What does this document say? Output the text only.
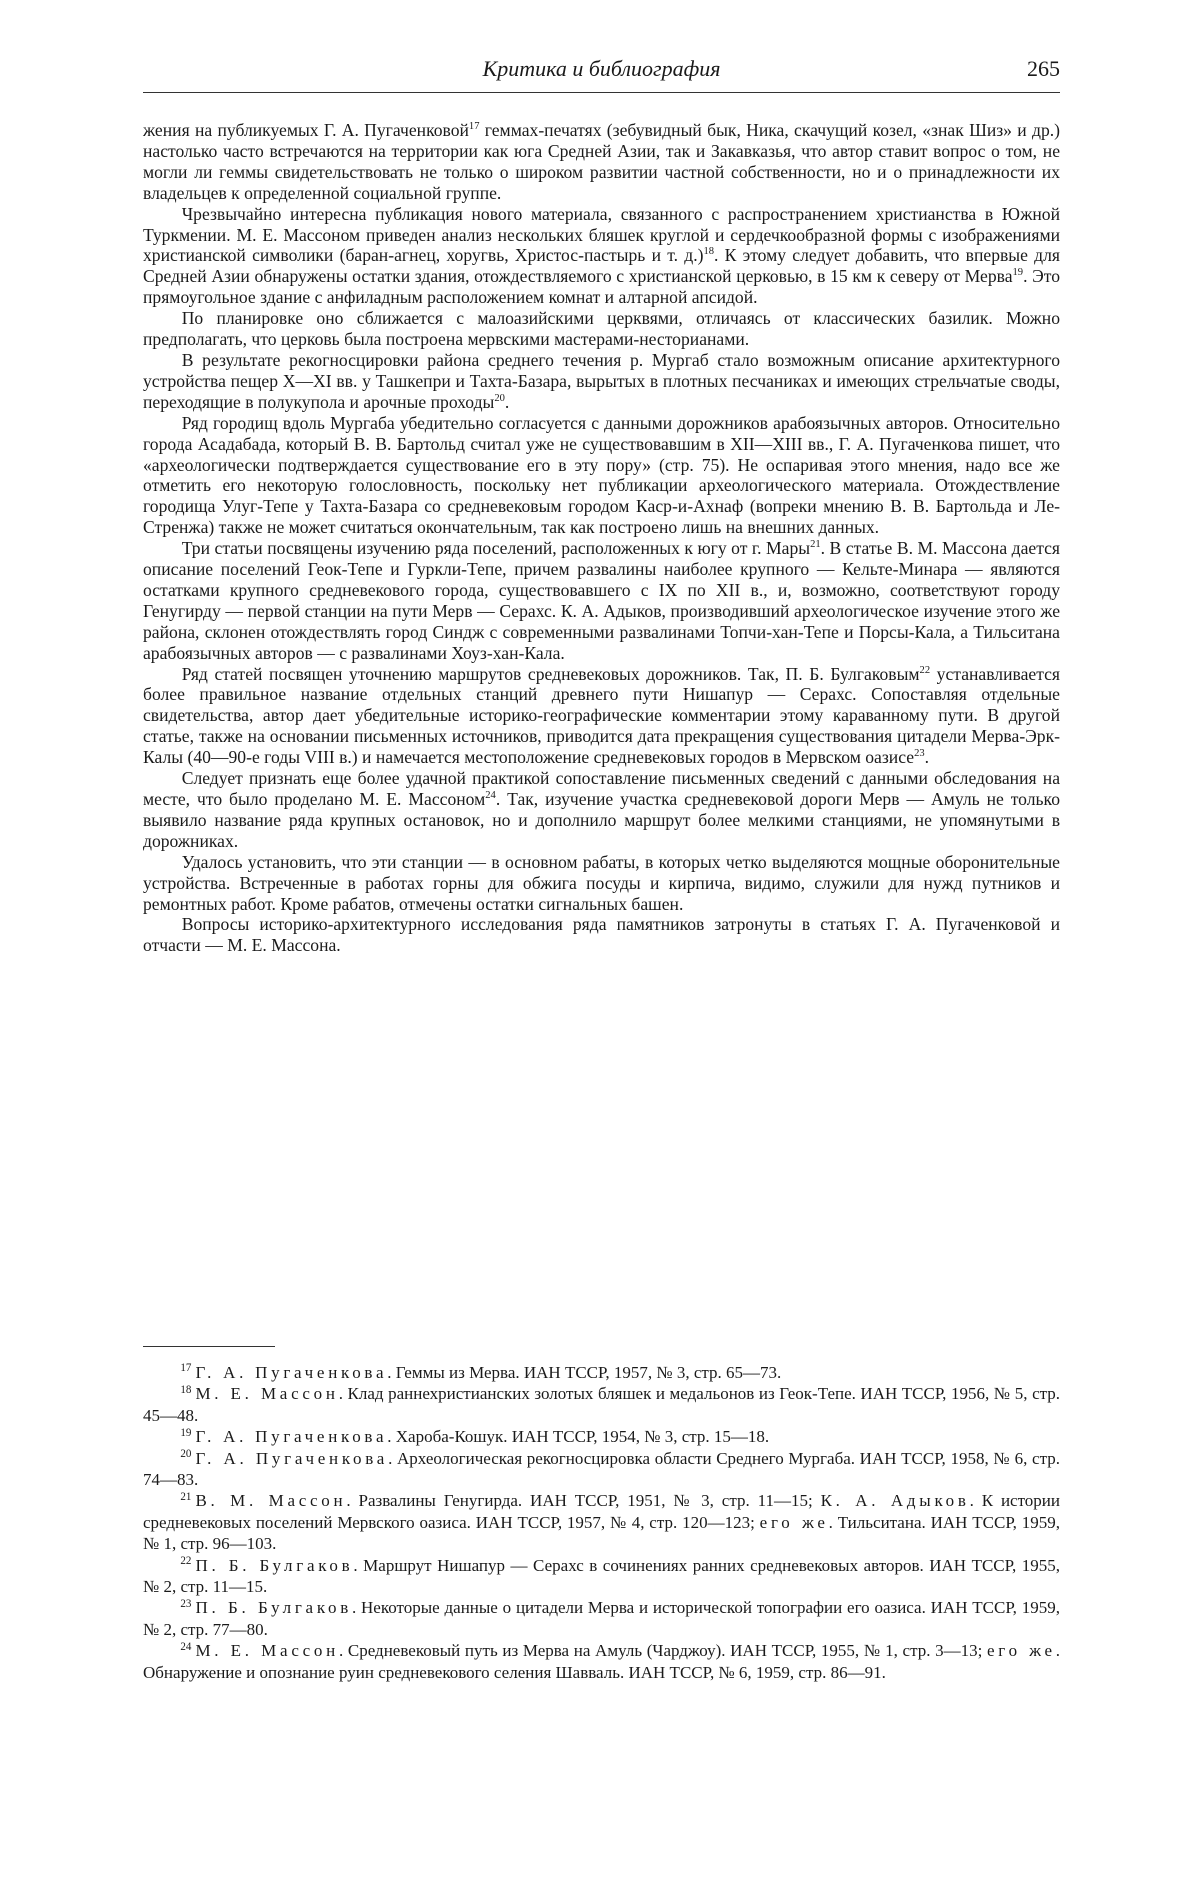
Критика и библиография	265

жения на публикуемых Г. А. Пугаченковой$^{17}$ геммах-печатях (зебувидный бык, Ника, скачущий козел, «знак Шиз» и др.) настолько часто встречаются на территории как юга Средней Азии, так и Закавказья, что автор ставит вопрос о том, не могли ли геммы свидетельствовать не только о широком развитии частной собственности, но и о принадлежности их владельцев к определенной социальной группе.

Чрезвычайно интересна публикация нового материала, связанного с распространением христианства в Южной Туркмении. М. Е. Массоном приведен анализ нескольких бляшек круглой и сердечкообразной формы с изображениями христианской символики (баран-агнец, хоругвь, Христос-пастырь и т. д.)$^{18}$. К этому следует добавить, что впервые для Средней Азии обнаружены остатки здания, отождествляемого с христианской церковью, в 15 км к северу от Мерва$^{19}$. Это прямоугольное здание с анфиладным расположением комнат и алтарной апсидой.

По планировке оно сближается с малоазийскими церквями, отличаясь от классических базилик. Можно предполагать, что церковь была построена мервскими мастерами-несторианами.

В результате рекогносцировки района среднего течения р. Мургаб стало возможным описание архитектурного устройства пещер X—XI вв. у Ташкепри и Тахта-Базара, вырытых в плотных песчаниках и имеющих стрельчатые своды, переходящие в полукупола и арочные проходы$^{20}$.

Ряд городищ вдоль Мургаба убедительно согласуется с данными дорожников арабоязычных авторов. Относительно города Асадабада, который В. В. Бартольд считал уже не существовавшим в XII—XIII вв., Г. А. Пугаченкова пишет, что «археологически подтверждается существование его в эту пору» (стр. 75). Не оспаривая этого мнения, надо все же отметить его некоторую голословность, поскольку нет публикации археологического материала. Отождествление городища Улуг-Тепе у Тахта-Базара со средневековым городом Каср-и-Ахнаф (вопреки мнению В. В. Бартольда и Ле-Стренжа) также не может считаться окончательным, так как построено лишь на внешних данных.

Три статьи посвящены изучению ряда поселений, расположенных к югу от г. Мары$^{21}$. В статье В. М. Массона дается описание поселений Геок-Тепе и Гуркли-Тепе, причем развалины наиболее крупного — Кельте-Минара — являются остатками крупного средневекового города, существовавшего с IX по XII в., и, возможно, соответствуют городу Генугирду — первой станции на пути Мерв — Серахс. К. А. Адыков, производивший археологическое изучение этого же района, склонен отождествлять город Синдж с современными развалинами Топчи-хан-Тепе и Порсы-Кала, а Тильситана арабоязычных авторов — с развалинами Хоуз-хан-Кала.

Ряд статей посвящен уточнению маршрутов средневековых дорожников. Так, П. Б. Булгаковым$^{22}$ устанавливается более правильное название отдельных станций древнего пути Нишапур — Серахс. Сопоставляя отдельные свидетельства, автор дает убедительные историко-географические комментарии этому караванному пути. В другой статье, также на основании письменных источников, приводится дата прекращения существования цитадели Мерва-Эрк-Калы (40—90-е годы VIII в.) и намечается местоположение средневековых городов в Мервском оазисе$^{23}$.

Следует признать еще более удачной практикой сопоставление письменных сведений с данными обследования на месте, что было проделано М. Е. Массоном$^{24}$. Так, изучение участка средневековой дороги Мерв — Амуль не только выявило название ряда крупных остановок, но и дополнило маршрут более мелкими станциями, не упомянутыми в дорожниках.

Удалось установить, что эти станции — в основном рабаты, в которых четко выделяются мощные оборонительные устройства. Встреченные в работах горны для обжига посуды и кирпича, видимо, служили для нужд путников и ремонтных работ. Кроме рабатов, отмечены остатки сигнальных башен.

Вопросы историко-архитектурного исследования ряда памятников затронуты в статьях Г. А. Пугаченковой и отчасти — М. Е. Массона.

$^{17}$ Г. А. Пугаченкова. Геммы из Мерва. ИАН ТССР, 1957, № 3, стр. 65—73.

$^{18}$ М. Е. Массон. Клад раннехристианских золотых бляшек и медальонов из Геок-Тепе. ИАН ТССР, 1956, № 5, стр. 45—48.

$^{19}$ Г. А. Пугаченкова. Хароба-Кошук. ИАН ТССР, 1954, № 3, стр. 15—18.

$^{20}$ Г. А. Пугаченкова. Археологическая рекогносцировка области Среднего Мургаба. ИАН ТССР, 1958, № 6, стр. 74—83.

$^{21}$ В. М. Массон. Развалины Генугирда. ИАН ТССР, 1951, № 3, стр. 11—15; К. А. Адыков. К истории средневековых поселений Мервского оазиса. ИАН ТССР, 1957, № 4, стр. 120—123; его же. Тильситана. ИАН ТССР, 1959, № 1, стр. 96—103.

$^{22}$ П. Б. Булгаков. Маршрут Нишапур — Серахс в сочинениях ранних средневековых авторов. ИАН ТССР, 1955, № 2, стр. 11—15.

$^{23}$ П. Б. Булгаков. Некоторые данные о цитадели Мерва и исторической топографии его оазиса. ИАН ТССР, 1959, № 2, стр. 77—80.

$^{24}$ М. Е. Массон. Средневековый путь из Мерва на Амуль (Чарджоу). ИАН ТССР, 1955, № 1, стр. 3—13; его же. Обнаружение и опознание руин средневекового селения Шавваль. ИАН ТССР, № 6, 1959, стр. 86—91.
